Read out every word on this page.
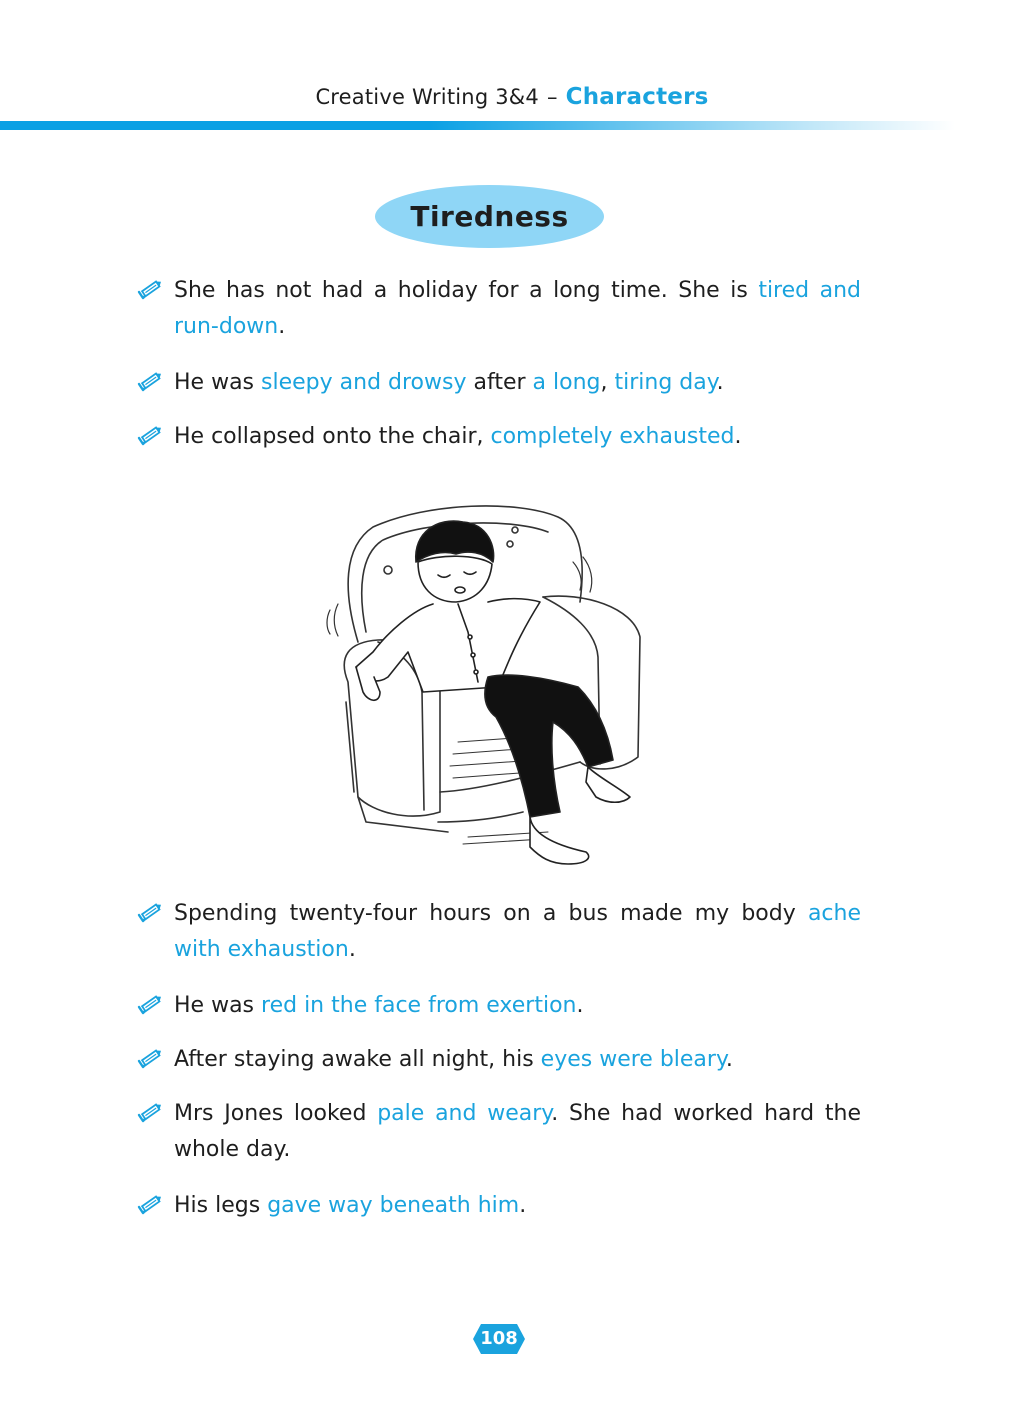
Creative Writing 3&4 – Characters
Tiredness
She has not had a holiday for a long time. She is tired and run-down.
He was sleepy and drowsy after a long, tiring day.
He collapsed onto the chair, completely exhausted.
Spending twenty-four hours on a bus made my body ache with exhaustion.
He was red in the face from exertion.
After staying awake all night, his eyes were bleary.
Mrs Jones looked pale and weary. She had worked hard the whole day.
His legs gave way beneath him.
108
